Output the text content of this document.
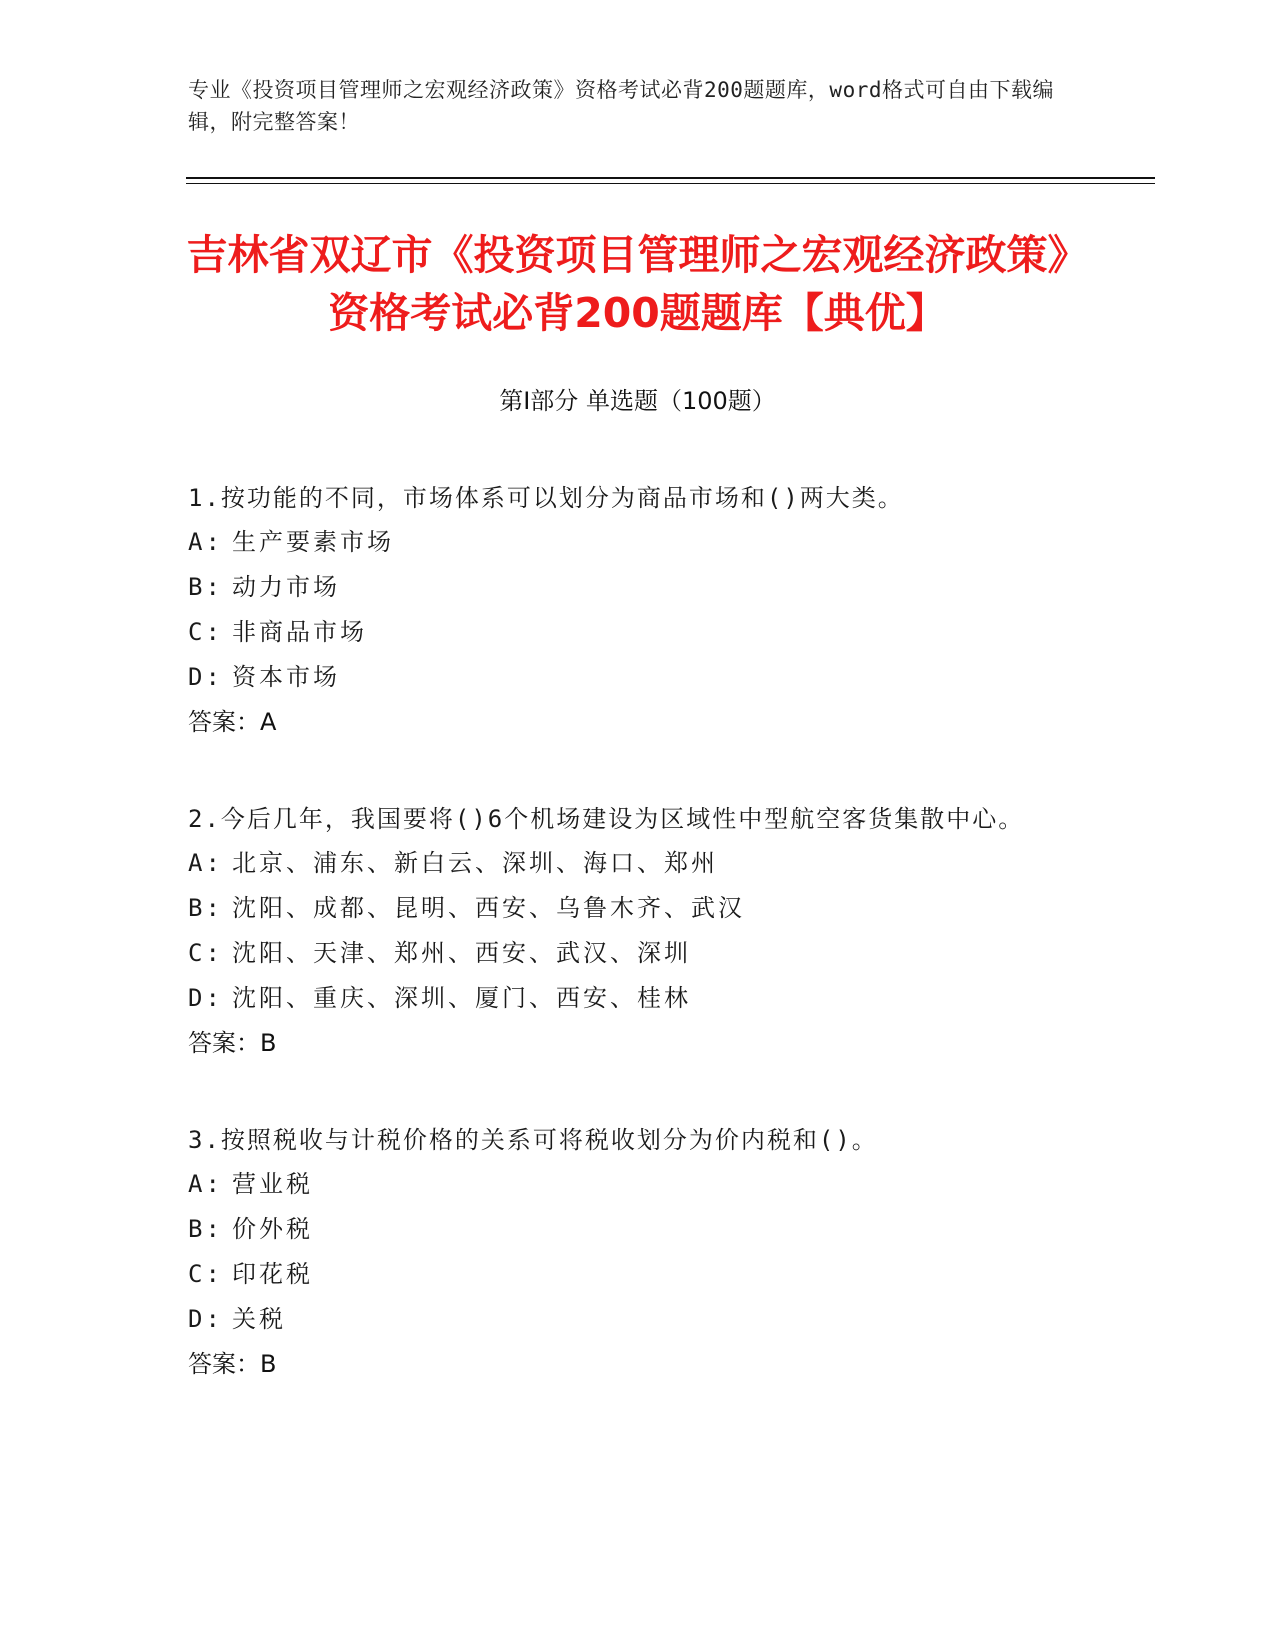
专业《投资项目管理师之宏观经济政策》资格考试必背200题题库，word格式可自由下载编辑，附完整答案！
吉林省双辽市《投资项目管理师之宏观经济政策》资格考试必背200题题库【典优】
第I部分 单选题（100题）
1.按功能的不同，市场体系可以划分为商品市场和()两大类。
A: 生产要素市场
B: 动力市场
C: 非商品市场
D: 资本市场
答案：A
2.今后几年，我国要将()6个机场建设为区域性中型航空客货集散中心。
A: 北京、浦东、新白云、深圳、海口、郑州
B: 沈阳、成都、昆明、西安、乌鲁木齐、武汉
C: 沈阳、天津、郑州、西安、武汉、深圳
D: 沈阳、重庆、深圳、厦门、西安、桂林
答案：B
3.按照税收与计税价格的关系可将税收划分为价内税和()。
A: 营业税
B: 价外税
C: 印花税
D: 关税
答案：B
